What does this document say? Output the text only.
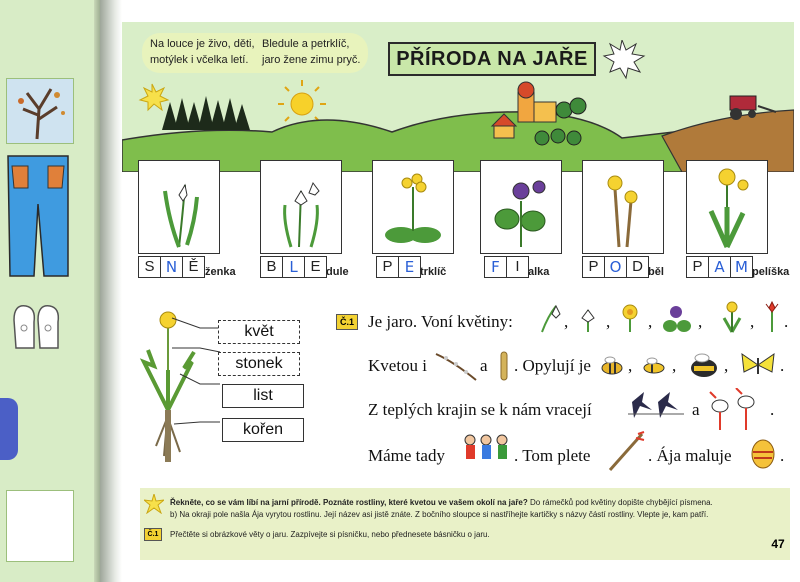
Na louce je živo, děti,
motýlek i včelka letí.
Bledule a petrklíč,
jaro žene zimu pryč.	PŘÍRODA NA JAŘE
S N Ě ženka	B L E dule	P E trklíč	F	I alka	P O D běl	P A M pelíška
květ
stonek
list
kořen
Č.1 Je jaro. Voní květiny:	, , ,	,	, .
Kvetou i	a . Opylují je , ,	,	.
Z teplých krajin se k nám vracejí	a	.
Máme tady	. Tom plete	. Ája maluje	.
Řekněte, co se vám líbí na jarní přírodě. Poznáte rostliny, které kvetou ve vašem okolí na jaře? Do rámečků pod květiny dopište chybějící písmena.
b) Na okraji pole našla Ája vyrytou rostlinu. Její název asi jistě znáte. Z bočního sloupce si nastříhejte kartičky s názvy částí rostliny. Vlepte je, kam patří.
Č.1	Přečtěte si obrázkové věty o jaru. Zazpívejte si písničku, nebo přednesete básničku o jaru.
47
